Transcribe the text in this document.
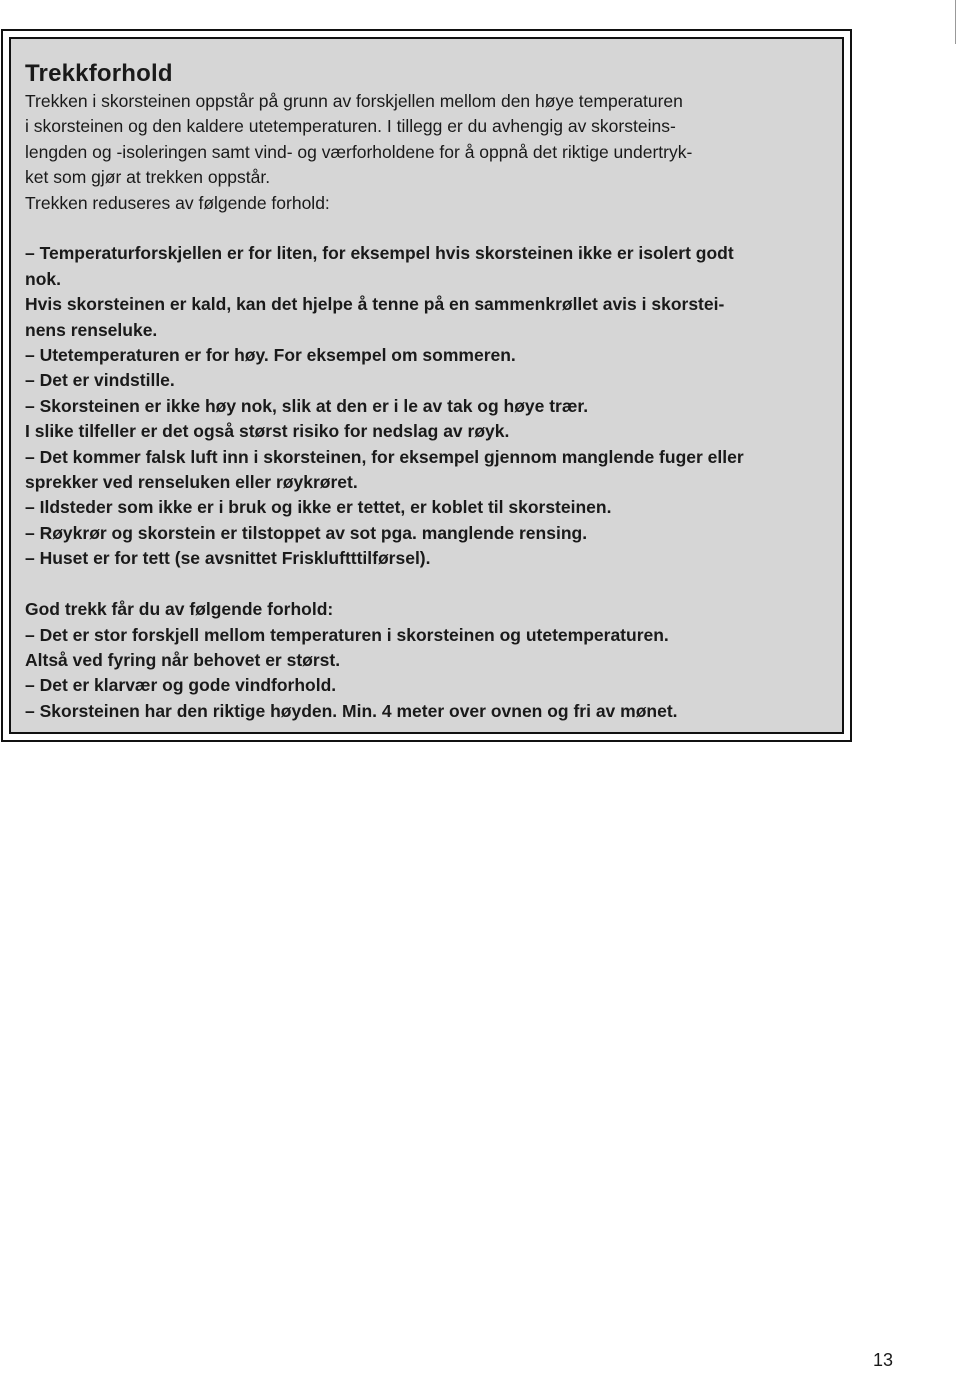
Trekkforhold

Trekken i skorsteinen oppstår på grunn av forskjellen mellom den høye temperaturen

i skorsteinen og den kaldere utetemperaturen. I tillegg er du avhengig av skorsteins-

lengden og -isoleringen samt vind- og værforholdene for å oppnå det riktige undertryk-

ket som gjør at trekken oppstår.

Trekken reduseres av følgende forhold:

– Temperaturforskjellen er for liten, for eksempel hvis skorsteinen ikke er isolert godt

nok.

Hvis skorsteinen er kald, kan det hjelpe å tenne på en sammenkrøllet avis i skorstei-

nens renseluke.

– Utetemperaturen er for høy. For eksempel om sommeren.

– Det er vindstille.

– Skorsteinen er ikke høy nok, slik at den er i le av tak og høye trær.

I slike tilfeller er det også størst risiko for nedslag av røyk.

– Det kommer falsk luft inn i skorsteinen, for eksempel gjennom manglende fuger eller

sprekker ved renseluken eller røykrøret.

– Ildsteder som ikke er i bruk og ikke er tettet, er koblet til skorsteinen.

– Røykrør og skorstein er tilstoppet av sot pga. manglende rensing.

– Huset er for tett (se avsnittet Friskluftttilførsel).

God trekk får du av følgende forhold:

– Det er stor forskjell mellom temperaturen i skorsteinen og utetemperaturen.

Altså ved fyring når behovet er størst.

– Det er klarvær og gode vindforhold.

– Skorsteinen har den riktige høyden. Min. 4 meter over ovnen og fri av mønet.

13
